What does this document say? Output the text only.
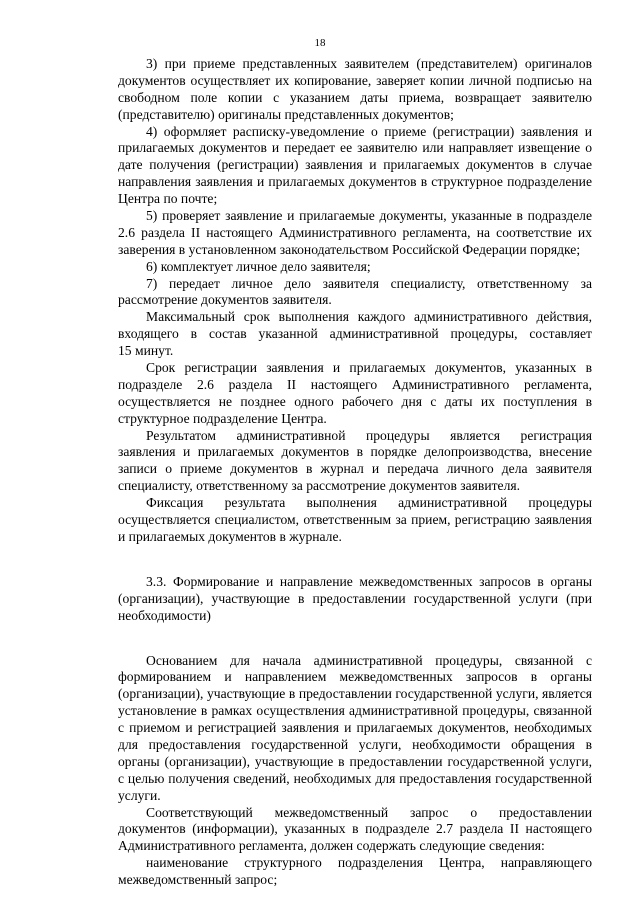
18
3) при приеме представленных заявителем (представителем) оригиналов
документов осуществляет их копирование, заверяет копии личной подписью на
свободном поле копии с указанием даты приема, возвращает заявителю
(представителю) оригиналы представленных документов;
4) оформляет расписку-уведомление о приеме (регистрации) заявления и
прилагаемых документов и передает ее заявителю или направляет извещение о
дате получения (регистрации) заявления и прилагаемых документов в случае
направления заявления и прилагаемых документов в структурное подразделение
Центра по почте;
5) проверяет заявление и прилагаемые документы, указанные в подразделе
2.6 раздела II настоящего Административного регламента, на соответствие их
заверения в установленном законодательством Российской Федерации порядке;
6) комплектует личное дело заявителя;
7) передает личное дело заявителя специалисту, ответственному за
рассмотрение документов заявителя.
Максимальный срок выполнения каждого административного действия,
входящего в состав указанной административной процедуры, составляет
15 минут.
Срок регистрации заявления и прилагаемых документов, указанных в
подразделе 2.6 раздела II настоящего Административного регламента,
осуществляется не позднее одного рабочего дня с даты их поступления в
структурное подразделение Центра.
Результатом административной процедуры является регистрация
заявления и прилагаемых документов в порядке делопроизводства, внесение
записи о приеме документов в журнал и передача личного дела заявителя
специалисту, ответственному за рассмотрение документов заявителя.
Фиксация результата выполнения административной процедуры
осуществляется специалистом, ответственным за прием, регистрацию заявления
и прилагаемых документов в журнале.
3.3. Формирование и направление межведомственных запросов в органы
(организации), участвующие в предоставлении государственной услуги (при
необходимости)
Основанием для начала административной процедуры, связанной с
формированием и направлением межведомственных запросов в органы
(организации), участвующие в предоставлении государственной услуги, является
установление в рамках осуществления административной процедуры, связанной
с приемом и регистрацией заявления и прилагаемых документов, необходимых
для предоставления государственной услуги, необходимости обращения в
органы (организации), участвующие в предоставлении государственной услуги,
с целью получения сведений, необходимых для предоставления государственной
услуги.
Соответствующий межведомственный запрос о предоставлении
документов (информации), указанных в подразделе 2.7 раздела II настоящего
Административного регламента, должен содержать следующие сведения:
наименование структурного подразделения Центра, направляющего
межведомственный запрос;
